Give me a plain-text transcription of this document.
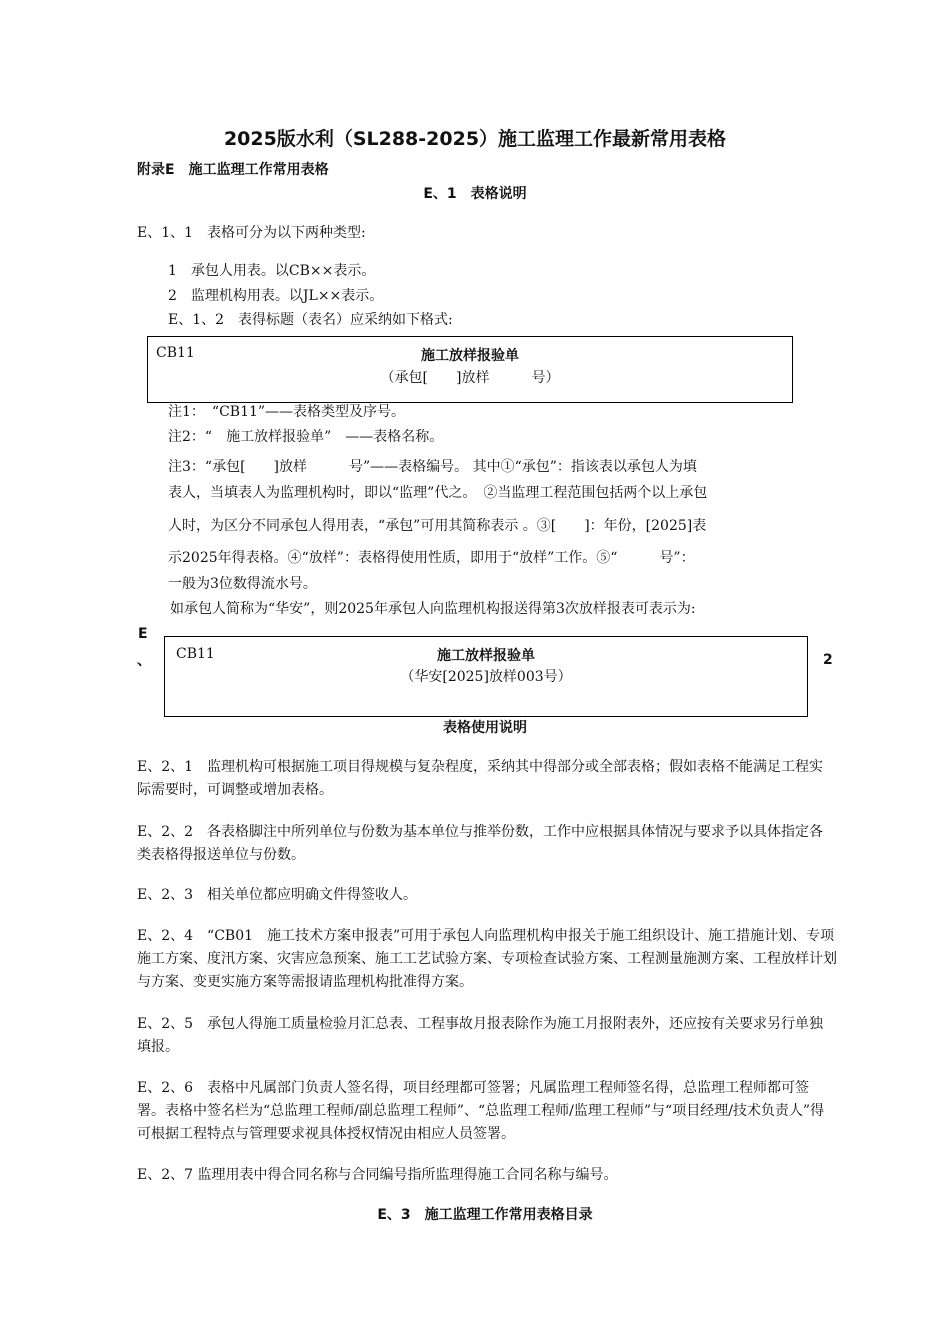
2025版水利（SL288-2025）施工监理工作最新常用表格
附录E　施工监理工作常用表格
E、1　表格说明
E、1、1　表格可分为以下两种类型:
1　承包人用表。以CB××表示。
2　监理机构用表。以JL××表示。
E、1、2　表得标题（表名）应采纳如下格式:
CB11	施工放样报验单
（承包[　　]放样　　　号）
注1：　“CB11”——表格类型及序号。
注2：“　施工放样报验单”　——表格名称。
注3：“承包[　　]放样　　　号”——表格编号。 其中①“承包”：指该表以承包人为填
表人，当填表人为监理机构时，即以“监理”代之。　②当监理工程范围包括两个以上承包
人时，为区分不同承包人得用表，“承包”可用其简称表示 。③[　　]：年份，[2025]表
示2025年得表格。④“放样”：表格得使用性质，即用于“放样”工作。⑤“　　　号”：
一般为3位数得流水号。
如承包人简称为“华安”，则2025年承包人向监理机构报送得第3次放样报表可表示为:
E
、	2
CB11	施工放样报验单
（华安[2025]放样003号）
表格使用说明
E、2、1　监理机构可根据施工项目得规模与复杂程度，采纳其中得部分或全部表格；假如表格不能满足工程实际需要时，可调整或增加表格。
E、2、2　各表格脚注中所列单位与份数为基本单位与推举份数，工作中应根据具体情况与要求予以具体指定各类表格得报送单位与份数。
E、2、3　相关单位都应明确文件得签收人。
E、2、4　“CB01　施工技术方案申报表”可用于承包人向监理机构申报关于施工组织设计、施工措施计划、专项施工方案、度汛方案、灾害应急预案、施工工艺试验方案、专项检查试验方案、工程测量施测方案、工程放样计划与方案、变更实施方案等需报请监理机构批准得方案。
E、2、5　承包人得施工质量检验月汇总表、工程事故月报表除作为施工月报附表外，还应按有关要求另行单独填报。
E、2、6　表格中凡属部门负责人签名得，项目经理都可签署；凡属监理工程师签名得，总监理工程师都可签署。表格中签名栏为“总监理工程师/副总监理工程师”、“总监理工程师/监理工程师”与“项目经理/技术负责人”得可根据工程特点与管理要求视具体授权情况由相应人员签署。
E、2、7 监理用表中得合同名称与合同编号指所监理得施工合同名称与编号。
E、3　施工监理工作常用表格目录
